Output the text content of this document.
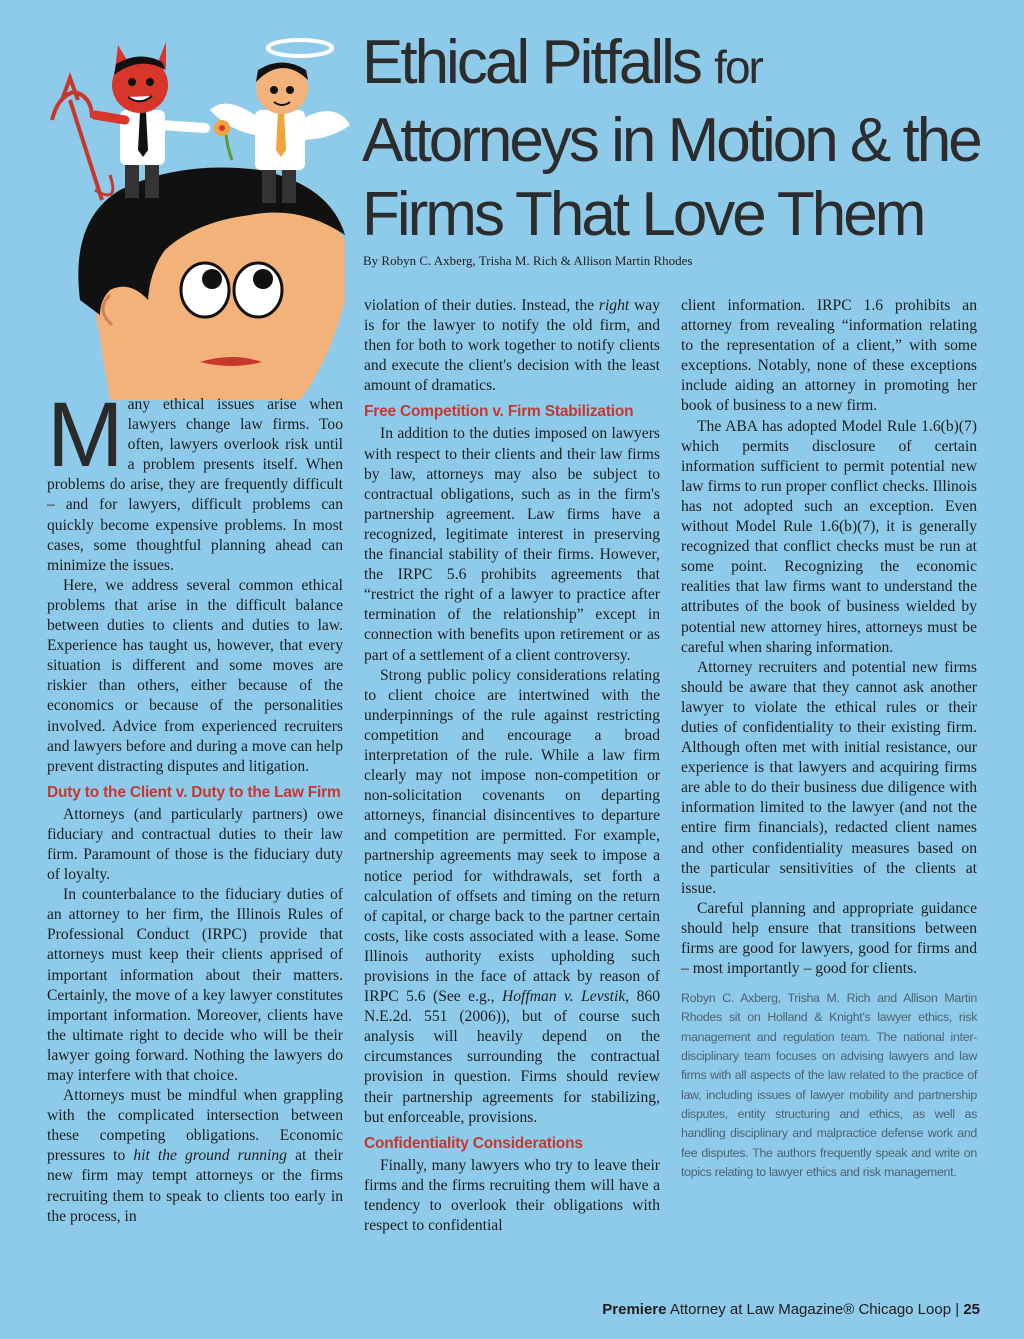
Ethical Pitfalls for
Attorneys in Motion & the
Firms That Love Them
By Robyn C. Axberg, Trisha M. Rich & Allison Martin Rhodes
M any ethical issues arise when lawyers change law firms. Too often, lawyers overlook risk until a problem presents itself. When problems do arise, they are frequently difficult – and for lawyers, difficult problems can quickly become expensive problems. In most cases, some thoughtful planning ahead can minimize the issues.

Here, we address several common ethical problems that arise in the difficult balance between duties to clients and duties to law. Experience has taught us, however, that every situation is different and some moves are riskier than others, either because of the economics or because of the personalities involved. Advice from experienced recruiters and lawyers before and during a move can help prevent distracting disputes and litigation.

Duty to the Client v. Duty to the Law Firm

Attorneys (and particularly partners) owe fiduciary and contractual duties to their law firm. Paramount of those is the fiduciary duty of loyalty.

In counterbalance to the fiduciary duties of an attorney to her firm, the Illinois Rules of Professional Conduct (IRPC) provide that attorneys must keep their clients apprised of important information about their matters. Certainly, the move of a key lawyer constitutes important information. Moreover, clients have the ultimate right to decide who will be their lawyer going forward. Nothing the lawyers do may interfere with that choice.

Attorneys must be mindful when grappling with the complicated intersection between these competing obligations. Economic pressures to hit the ground running at their new firm may tempt attorneys or the firms recruiting them to speak to clients too early in the process, in

violation of their duties. Instead, the right way is for the lawyer to notify the old firm, and then for both to work together to notify clients and execute the client's decision with the least amount of dramatics.

Free Competition v. Firm Stabilization

In addition to the duties imposed on lawyers with respect to their clients and their law firms by law, attorneys may also be subject to contractual obligations, such as in the firm's partnership agreement. Law firms have a recognized, legitimate interest in preserving the financial stability of their firms. However, the IRPC 5.6 prohibits agreements that “restrict the right of a lawyer to practice after termination of the relationship” except in connection with benefits upon retirement or as part of a settlement of a client controversy.

Strong public policy considerations relating to client choice are intertwined with the underpinnings of the rule against restricting competition and encourage a broad interpretation of the rule. While a law firm clearly may not impose non-competition or non-solicitation covenants on departing attorneys, financial disincentives to departure and competition are permitted. For example, partnership agreements may seek to impose a notice period for withdrawals, set forth a calculation of offsets and timing on the return of capital, or charge back to the partner certain costs, like costs associated with a lease. Some Illinois authority exists upholding such provisions in the face of attack by reason of IRPC 5.6 (See e.g., Hoffman v. Levstik, 860 N.E.2d. 551 (2006)), but of course such analysis will heavily depend on the circumstances surrounding the contractual provision in question. Firms should review their partnership agreements for stabilizing, but enforceable, provisions.

Confidentiality Considerations

Finally, many lawyers who try to leave their firms and the firms recruiting them will have a tendency to overlook their obligations with respect to confidential

client information. IRPC 1.6 prohibits an attorney from revealing “information relating to the representation of a client,” with some exceptions. Notably, none of these exceptions include aiding an attorney in promoting her book of business to a new firm.

The ABA has adopted Model Rule 1.6(b)(7) which permits disclosure of certain information sufficient to permit potential new law firms to run proper conflict checks. Illinois has not adopted such an exception. Even without Model Rule 1.6(b)(7), it is generally recognized that conflict checks must be run at some point. Recognizing the economic realities that law firms want to understand the attributes of the book of business wielded by potential new attorney hires, attorneys must be careful when sharing information.

Attorney recruiters and potential new firms should be aware that they cannot ask another lawyer to violate the ethical rules or their duties of confidentiality to their existing firm. Although often met with initial resistance, our experience is that lawyers and acquiring firms are able to do their business due diligence with information limited to the lawyer (and not the entire firm financials), redacted client names and other confidentiality measures based on the particular sensitivities of the clients at issue.

Careful planning and appropriate guidance should help ensure that transitions between firms are good for lawyers, good for firms and – most importantly – good for clients.

Robyn C. Axberg, Trisha M. Rich and Allison Martin Rhodes sit on Holland & Knight's lawyer ethics, risk management and regulation team. The national inter-disciplinary team focuses on advising lawyers and law firms with all aspects of the law related to the practice of law, including issues of lawyer mobility and partnership disputes, entity structuring and ethics, as well as handling disciplinary and malpractice defense work and fee disputes. The authors frequently speak and write on topics relating to lawyer ethics and risk management.
Premiere Attorney at Law Magazine® Chicago Loop | 25
